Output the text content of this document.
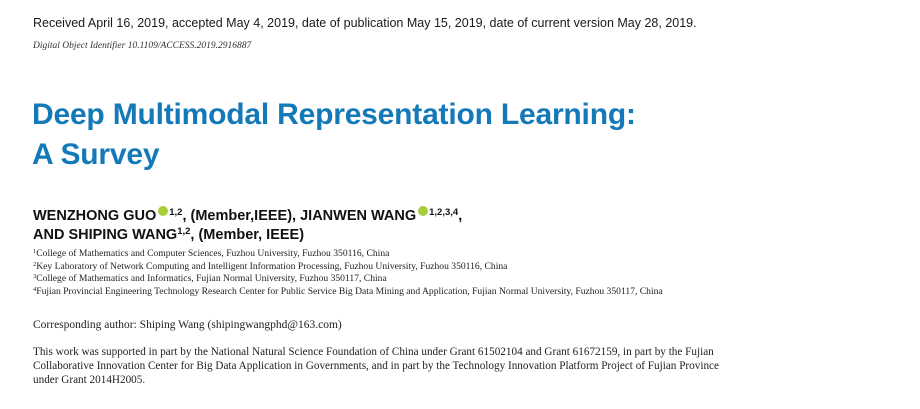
Received April 16, 2019, accepted May 4, 2019, date of publication May 15, 2019, date of current version May 28, 2019.
Digital Object Identifier 10.1109/ACCESS.2019.2916887
Deep Multimodal Representation Learning:
A Survey
WENZHONG GUO $^{1,2}$, (Member,IEEE), JIANWEN WANG $^{1,2,3,4}$,
AND SHIPING WANG$^{1,2}$, (Member, IEEE)
$^1$College of Mathematics and Computer Sciences, Fuzhou University, Fuzhou 350116, China
$^2$Key Laboratory of Network Computing and Intelligent Information Processing, Fuzhou University, Fuzhou 350116, China
$^3$College of Mathematics and Informatics, Fujian Normal University, Fuzhou 350117, China
$^4$Fujian Provincial Engineering Technology Research Center for Public Service Big Data Mining and Application, Fujian Normal University, Fuzhou 350117, China
Corresponding author: Shiping Wang (shipingwangphd@163.com)

This work was supported in part by the National Natural Science Foundation of China under Grant 61502104 and Grant 61672159, in part by the Fujian Collaborative Innovation Center for Big Data Application in Governments, and in part by the Technology Innovation Platform Project of Fujian Province under Grant 2014H2005.
